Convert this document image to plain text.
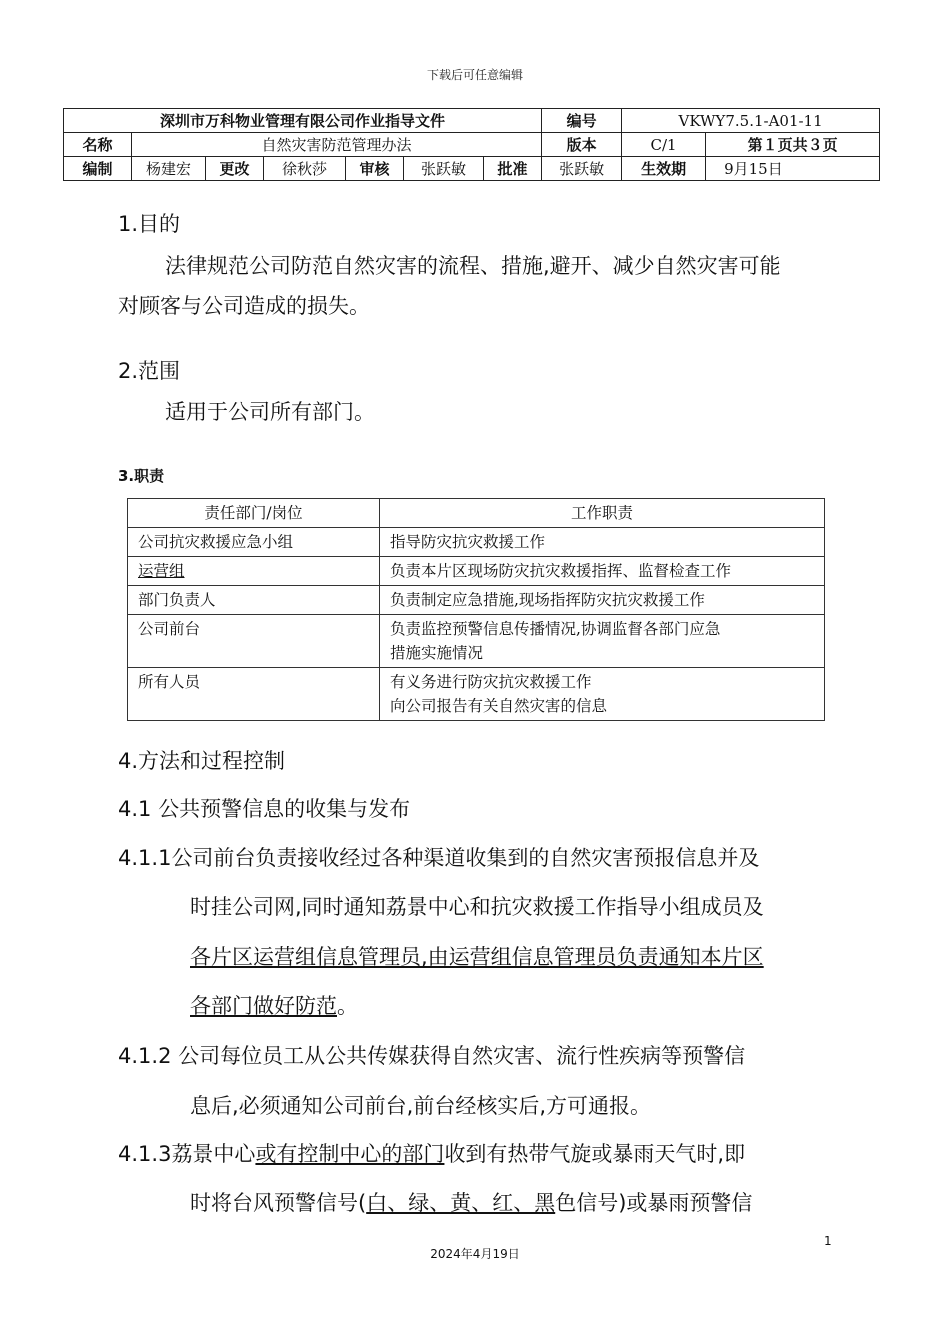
下载后可任意编辑
深圳市万科物业管理有限公司作业指导文件							编号	VKWY7.5.1-A01-11	
名称	自然灾害防范管理办法						版本	C/1	第１页共３页
编制	杨建宏	更改	徐秋莎	审核	张跃敏	批准	张跃敏	生效期	9月15日
1.目的
法律规范公司防范自然灾害的流程、措施,避开、减少自然灾害可能
对顾客与公司造成的损失。
2.范围
适用于公司所有部门。
3.职责
责任部门/岗位	工作职责
公司抗灾救援应急小组	指导防灾抗灾救援工作
运营组	负责本片区现场防灾抗灾救援指挥、监督检查工作
部门负责人	负责制定应急措施,现场指挥防灾抗灾救援工作
公司前台	负责监控预警信息传播情况,协调监督各部门应急
措施实施情况

所有人员	有义务进行防灾抗灾救援工作
向公司报告有关自然灾害的信息
4.方法和过程控制
4.1 公共预警信息的收集与发布
4.1.1公司前台负责接收经过各种渠道收集到的自然灾害预报信息并及
时挂公司网,同时通知荔景中心和抗灾救援工作指导小组成员及
各片区运营组信息管理员,由运营组信息管理员负责通知本片区
各部门做好防范。
4.1.2 公司每位员工从公共传媒获得自然灾害、流行性疾病等预警信
息后,必须通知公司前台,前台经核实后,方可通报。
4.1.3荔景中心或有控制中心的部门收到有热带气旋或暴雨天气时,即
时将台风预警信号(白、绿、黄、红、黑色信号)或暴雨预警信
1
2024年4月19日
